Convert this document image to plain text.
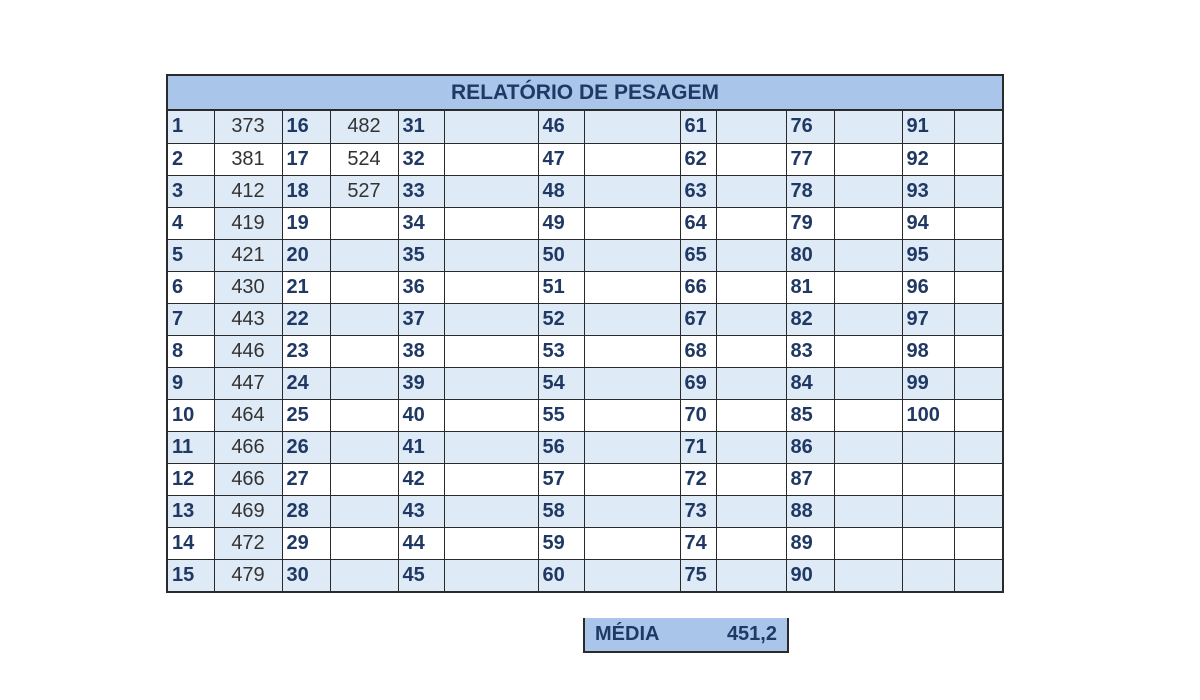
RELATÓRIO DE PESAGEM
1	373	16	482	31		46		61		76		91	
2	381	17	524	32		47		62		77		92	
3	412	18	527	33		48		63		78		93	
4	419	19		34		49		64		79		94	
5	421	20		35		50		65		80		95	
6	430	21		36		51		66		81		96	
7	443	22		37		52		67		82		97	
8	446	23		38		53		68		83		98	
9	447	24		39		54		69		84		99	
10	464	25		40		55		70		85		100	
11	466	26		41		56		71		86			
12	466	27		42		57		72		87			
13	469	28		43		58		73		88			
14	472	29		44		59		74		89			
15	479	30		45		60		75		90			
MÉDIA	451,2
